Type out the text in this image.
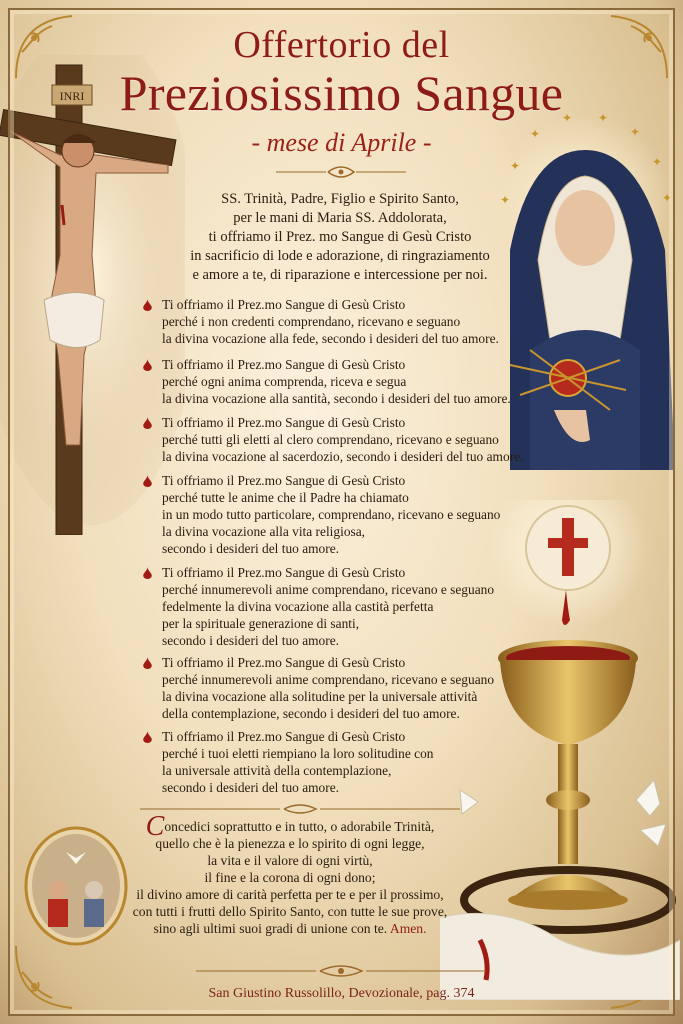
INRI
✦
✦
✦ ✦
✦
✦
✦
✦
Offertorio del
Preziosissimo Sangue
- mese di Aprile -
SS. Trinità, Padre, Figlio e Spirito Santo,
per le mani di Maria SS. Addolorata,
ti offriamo il Prez. mo Sangue di Gesù Cristo
in sacrificio di lode e adorazione, di ringraziamento
e amore a te, di riparazione e intercessione per noi.
Ti offriamo il Prez.mo Sangue di Gesù Cristo
perché i non credenti comprendano, ricevano e seguano
la divina vocazione alla fede, secondo i desideri del tuo amore.
Ti offriamo il Prez.mo Sangue di Gesù Cristo
perché ogni anima comprenda, riceva e segua
la divina vocazione alla santità, secondo i desideri del tuo amore.
Ti offriamo il Prez.mo Sangue di Gesù Cristo
perché tutti gli eletti al clero comprendano, ricevano e seguano
la divina vocazione al sacerdozio, secondo i desideri del tuo amore.
Ti offriamo il Prez.mo Sangue di Gesù Cristo
perché tutte le anime che il Padre ha chiamato
in un modo tutto particolare, comprendano, ricevano e seguano
la divina vocazione alla vita religiosa,
secondo i desideri del tuo amore.
Ti offriamo il Prez.mo Sangue di Gesù Cristo
perché innumerevoli anime comprendano, ricevano e seguano
fedelmente la divina vocazione alla castità perfetta
per la spirituale generazione di santi,
secondo i desideri del tuo amore.
Ti offriamo il Prez.mo Sangue di Gesù Cristo
perché innumerevoli anime comprendano, ricevano e seguano
la divina vocazione alla solitudine per la universale attività
della contemplazione, secondo i desideri del tuo amore.
Ti offriamo il Prez.mo Sangue di Gesù Cristo
perché i tuoi eletti riempiano la loro solitudine con
la universale attività della contemplazione,
secondo i desideri del tuo amore.
Concedici soprattutto e in tutto, o adorabile Trinità,
quello che è la pienezza e lo spirito di ogni legge,
la vita e il valore di ogni virtù,
il fine e la corona di ogni dono;
il divino amore di carità perfetta per te e per il prossimo,
con tutti i frutti dello Spirito Santo, con tutte le sue prove,
sino agli ultimi suoi gradi di unione con te. Amen.
San Giustino Russolillo, Devozionale, pag. 374
